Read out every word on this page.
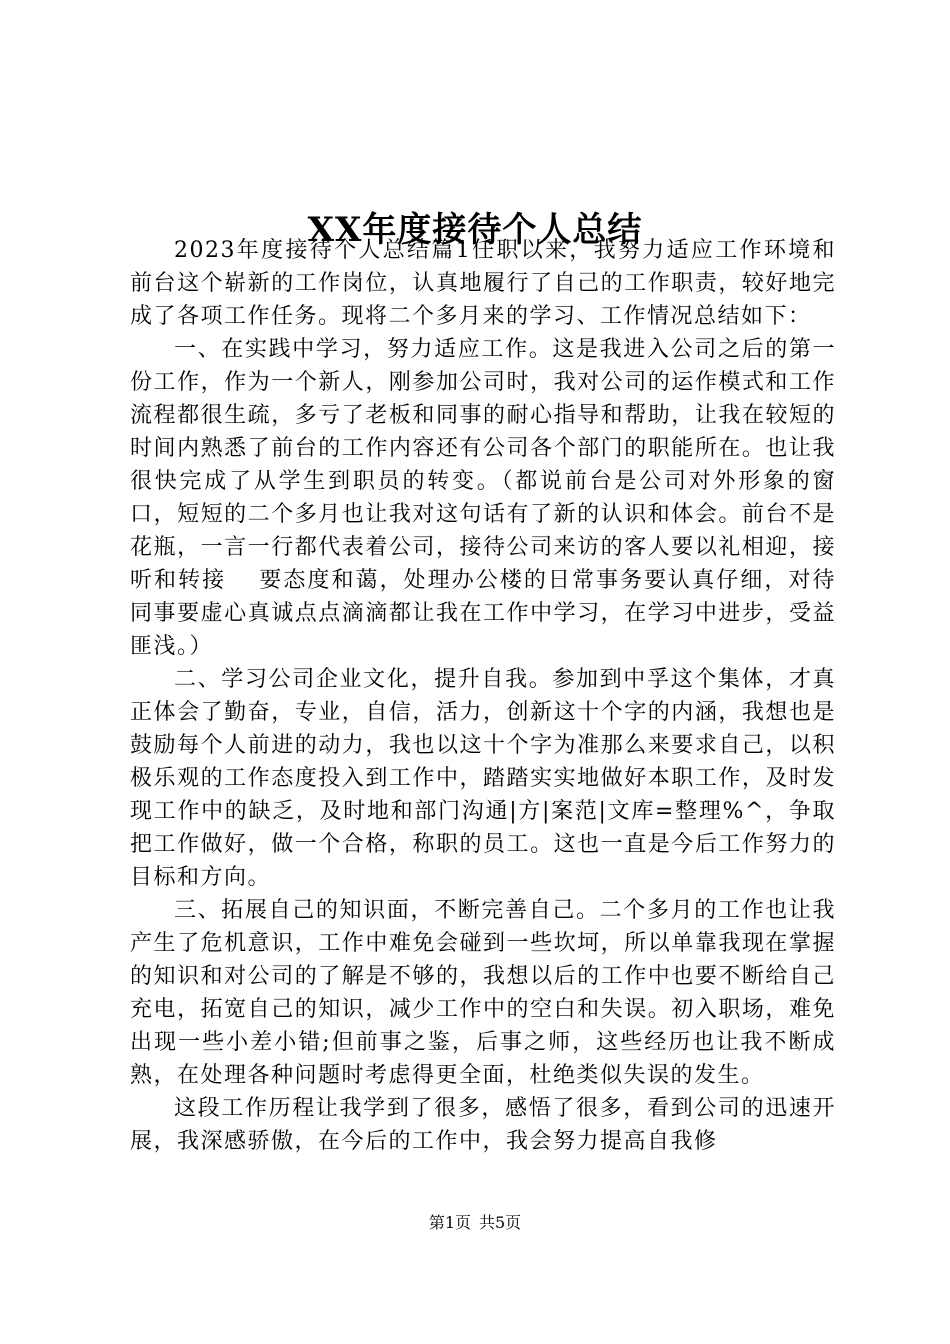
XX年度接待个人总结

2023年度接待个人总结篇1任职以来，我努力适应工作环境和前台这个崭新的工作岗位，认真地履行了自己的工作职责，较好地完成了各项工作任务。现将二个多月来的学习、工作情况总结如下：

一、在实践中学习，努力适应工作。这是我进入公司之后的第一份工作，作为一个新人，刚参加公司时，我对公司的运作模式和工作流程都很生疏，多亏了老板和同事的耐心指导和帮助，让我在较短的时间内熟悉了前台的工作内容还有公司各个部门的职能所在。也让我很快完成了从学生到职员的转变。（都说前台是公司对外形象的窗口，短短的二个多月也让我对这句话有了新的认识和体会。前台不是花瓶，一言一行都代表着公司，接待公司来访的客人要以礼相迎，接听和转接　 要态度和蔼，处理办公楼的日常事务要认真仔细，对待同事要虚心真诚点点滴滴都让我在工作中学习，在学习中进步，受益匪浅。）

二、学习公司企业文化，提升自我。参加到中孚这个集体，才真正体会了勤奋，专业，自信，活力，创新这十个字的内涵，我想也是鼓励每个人前进的动力，我也以这十个字为准那么来要求自己，以积极乐观的工作态度投入到工作中，踏踏实实地做好本职工作，及时发现工作中的缺乏，及时地和部门沟通|方|案范|文库=整理%^，争取把工作做好，做一个合格，称职的员工。这也一直是今后工作努力的目标和方向。

三、拓展自己的知识面，不断完善自己。二个多月的工作也让我产生了危机意识，工作中难免会碰到一些坎坷，所以单靠我现在掌握的知识和对公司的了解是不够的，我想以后的工作中也要不断给自己充电，拓宽自己的知识，减少工作中的空白和失误。初入职场，难免出现一些小差小错;但前事之鉴，后事之师，这些经历也让我不断成熟，在处理各种问题时考虑得更全面，杜绝类似失误的发生。

这段工作历程让我学到了很多，感悟了很多，看到公司的迅速开展，我深感骄傲，在今后的工作中，我会努力提高自我修

第1页 共5页
